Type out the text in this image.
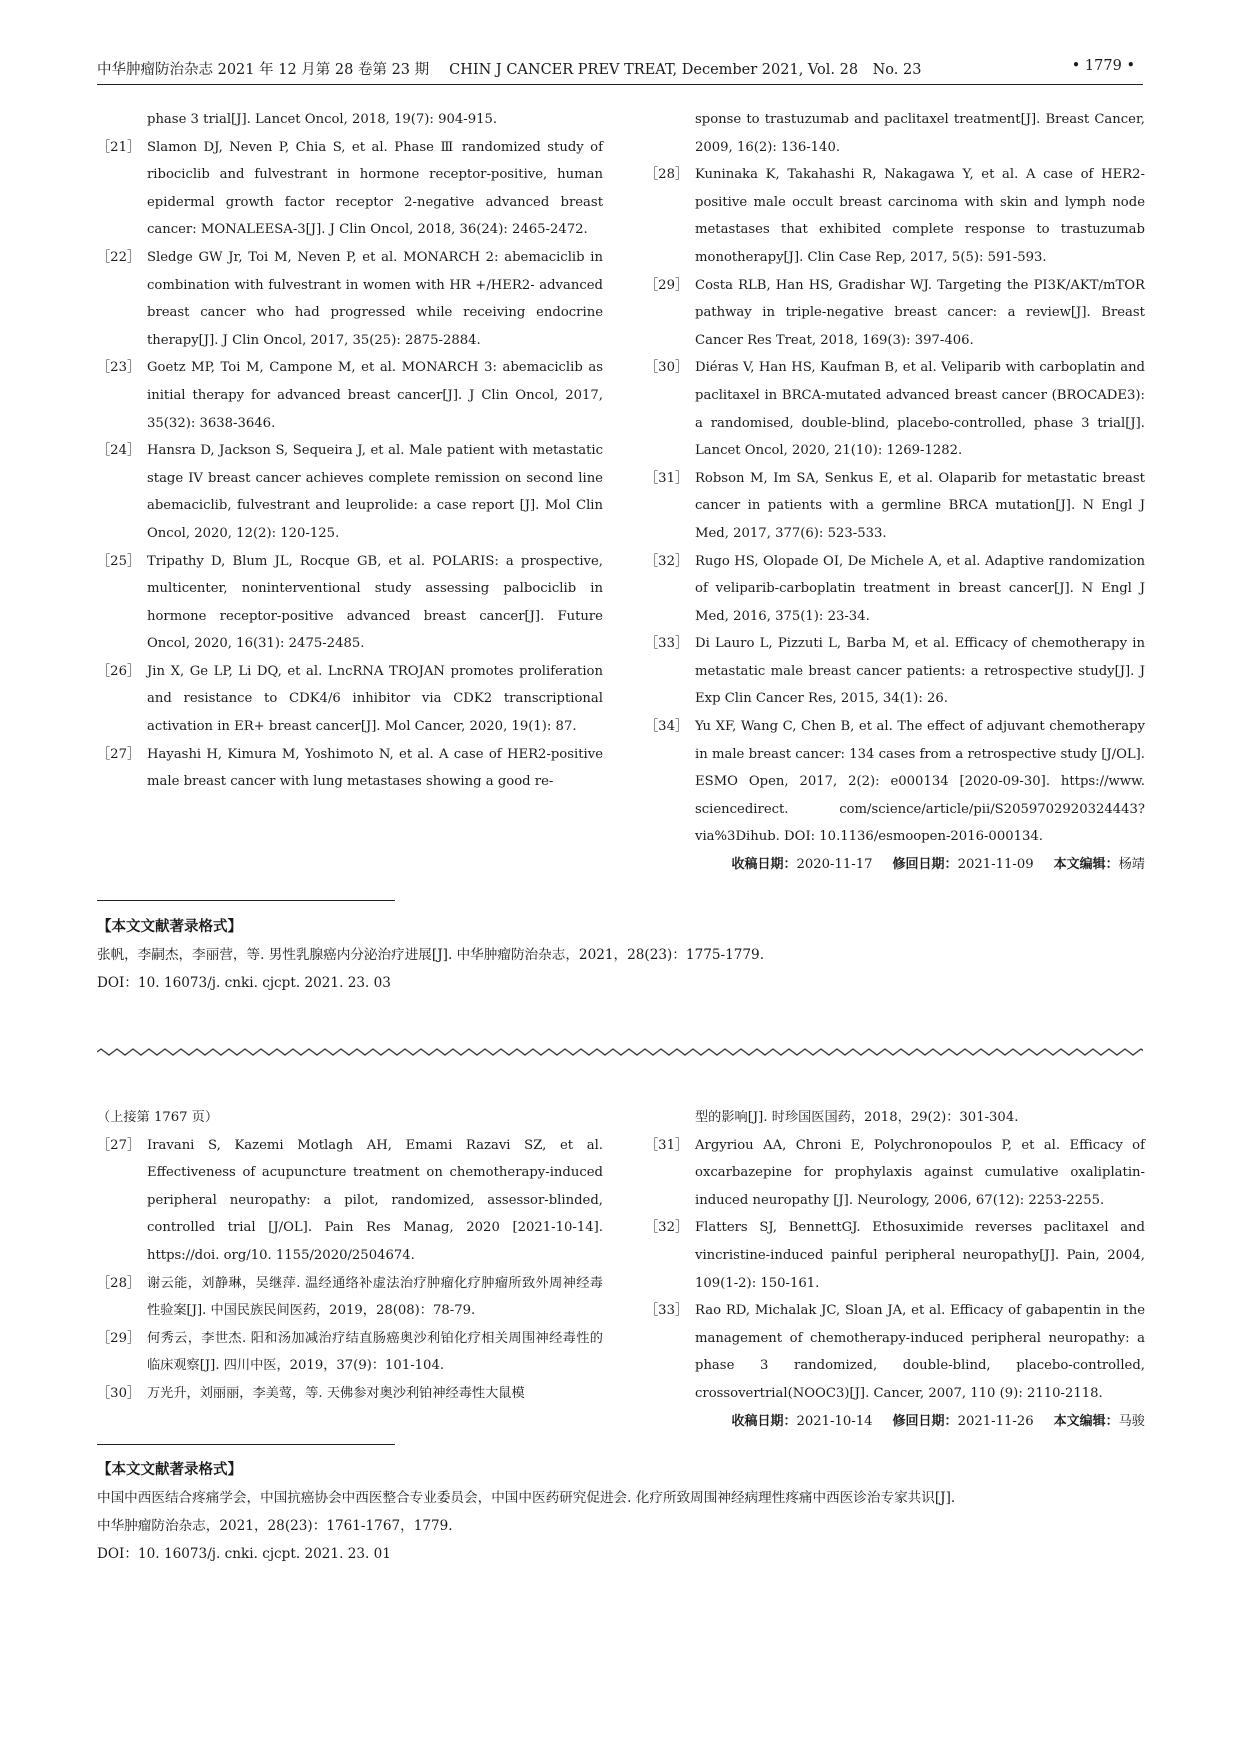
中华肿瘤防治杂志 2021 年 12 月第 28 卷第 23 期 CHIN J CANCER PREV TREAT, December 2021, Vol. 28　No. 23	• 1779 •
phase 3 trial[J]. Lancet Oncol, 2018, 19(7): 904-915.
［21］ Slamon DJ, Neven P, Chia S, et al. Phase Ⅲ randomized study of ribociclib and fulvestrant in hormone receptor-positive, human epidermal growth factor receptor 2-negative advanced breast cancer: MONALEESA-3[J]. J Clin Oncol, 2018, 36(24): 2465-2472.
［22］ Sledge GW Jr, Toi M, Neven P, et al. MONARCH 2: abemaciclib in combination with fulvestrant in women with HR +/HER2- advanced breast cancer who had progressed while receiving endocrine therapy[J]. J Clin Oncol, 2017, 35(25): 2875-2884.
［23］ Goetz MP, Toi M, Campone M, et al. MONARCH 3: abemaciclib as initial therapy for advanced breast cancer[J]. J Clin Oncol, 2017, 35(32): 3638-3646.
［24］ Hansra D, Jackson S, Sequeira J, et al. Male patient with metastatic stage IV breast cancer achieves complete remission on second line abemaciclib, fulvestrant and leuprolide: a case report [J]. Mol Clin Oncol, 2020, 12(2): 120-125.
［25］ Tripathy D, Blum JL, Rocque GB, et al. POLARIS: a prospective, multicenter, noninterventional study assessing palbociclib in hormone receptor-positive advanced breast cancer[J]. Future Oncol, 2020, 16(31): 2475-2485.
［26］ Jin X, Ge LP, Li DQ, et al. LncRNA TROJAN promotes proliferation and resistance to CDK4/6 inhibitor via CDK2 transcriptional activation in ER+ breast cancer[J]. Mol Cancer, 2020, 19(1): 87.
［27］ Hayashi H, Kimura M, Yoshimoto N, et al. A case of HER2-positive male breast cancer with lung metastases showing a good re-
sponse to trastuzumab and paclitaxel treatment[J]. Breast Cancer, 2009, 16(2): 136-140.
［28］ Kuninaka K, Takahashi R, Nakagawa Y, et al. A case of HER2-positive male occult breast carcinoma with skin and lymph node metastases that exhibited complete response to trastuzumab monotherapy[J]. Clin Case Rep, 2017, 5(5): 591-593.
［29］ Costa RLB, Han HS, Gradishar WJ. Targeting the PI3K/AKT/mTOR pathway in triple-negative breast cancer: a review[J]. Breast Cancer Res Treat, 2018, 169(3): 397-406.
［30］ Diéras V, Han HS, Kaufman B, et al. Veliparib with carboplatin and paclitaxel in BRCA-mutated advanced breast cancer (BROCADE3): a randomised, double-blind, placebo-controlled, phase 3 trial[J]. Lancet Oncol, 2020, 21(10): 1269-1282.
［31］ Robson M, Im SA, Senkus E, et al. Olaparib for metastatic breast cancer in patients with a germline BRCA mutation[J]. N Engl J Med, 2017, 377(6): 523-533.
［32］ Rugo HS, Olopade OI, De Michele A, et al. Adaptive randomization of veliparib-carboplatin treatment in breast cancer[J]. N Engl J Med, 2016, 375(1): 23-34.
［33］ Di Lauro L, Pizzuti L, Barba M, et al. Efficacy of chemotherapy in metastatic male breast cancer patients: a retrospective study[J]. J Exp Clin Cancer Res, 2015, 34(1): 26.
［34］ Yu XF, Wang C, Chen B, et al. The effect of adjuvant chemotherapy in male breast cancer: 134 cases from a retrospective study [J/OL]. ESMO Open, 2017, 2(2): e000134 [2020-09-30]. https://www. sciencedirect. com/science/article/pii/S2059702920324443? via%3Dihub. DOI: 10.1136/esmoopen-2016-000134.
收稿日期：2020-11-17 修回日期：2021-11-09 本文编辑：杨靖
【本文文献著录格式】
张帆，李嗣杰，李丽营，等. 男性乳腺癌内分泌治疗进展[J]. 中华肿瘤防治杂志，2021，28(23)：1775-1779.
DOI：10. 16073/j. cnki. cjcpt. 2021. 23. 03
（上接第 1767 页）
［27］ Iravani S, Kazemi Motlagh AH, Emami Razavi SZ, et al. Effectiveness of acupuncture treatment on chemotherapy-induced peripheral neuropathy: a pilot, randomized, assessor-blinded, controlled trial [J/OL]. Pain Res Manag, 2020 [2021-10-14]. https://doi. org/10. 1155/2020/2504674.
［28］ 谢云能，刘静琳，吴继萍. 温经通络补虚法治疗肿瘤化疗肿瘤所致外周神经毒性验案[J]. 中国民族民间医药，2019，28(08)：78-79.
［29］ 何秀云，李世杰. 阳和汤加减治疗结直肠癌奥沙利铂化疗相关周围神经毒性的临床观察[J]. 四川中医，2019，37(9)：101-104.
［30］ 万光升，刘丽丽，李美莺，等. 天佛参对奥沙利铂神经毒性大鼠模
型的影响[J]. 时珍国医国药，2018，29(2)：301-304.
［31］ Argyriou AA, Chroni E, Polychronopoulos P, et al. Efficacy of oxcarbazepine for prophylaxis against cumulative oxaliplatin-induced neuropathy [J]. Neurology, 2006, 67(12): 2253-2255.
［32］ Flatters SJ, BennettGJ. Ethosuximide reverses paclitaxel and vincristine-induced painful peripheral neuropathy[J]. Pain, 2004, 109(1-2): 150-161.
［33］ Rao RD, Michalak JC, Sloan JA, et al. Efficacy of gabapentin in the management of chemotherapy-induced peripheral neuropathy: a phase 3 randomized, double-blind, placebo-controlled, crossovertrial(NOOC3)[J]. Cancer, 2007, 110 (9): 2110-2118.
收稿日期：2021-10-14 修回日期：2021-11-26 本文编辑：马骏
【本文文献著录格式】
中国中西医结合疼痛学会，中国抗癌协会中西医整合专业委员会，中国中医药研究促进会. 化疗所致周围神经病理性疼痛中西医诊治专家共识[J].
中华肿瘤防治杂志，2021，28(23)：1761-1767，1779.
DOI：10. 16073/j. cnki. cjcpt. 2021. 23. 01
